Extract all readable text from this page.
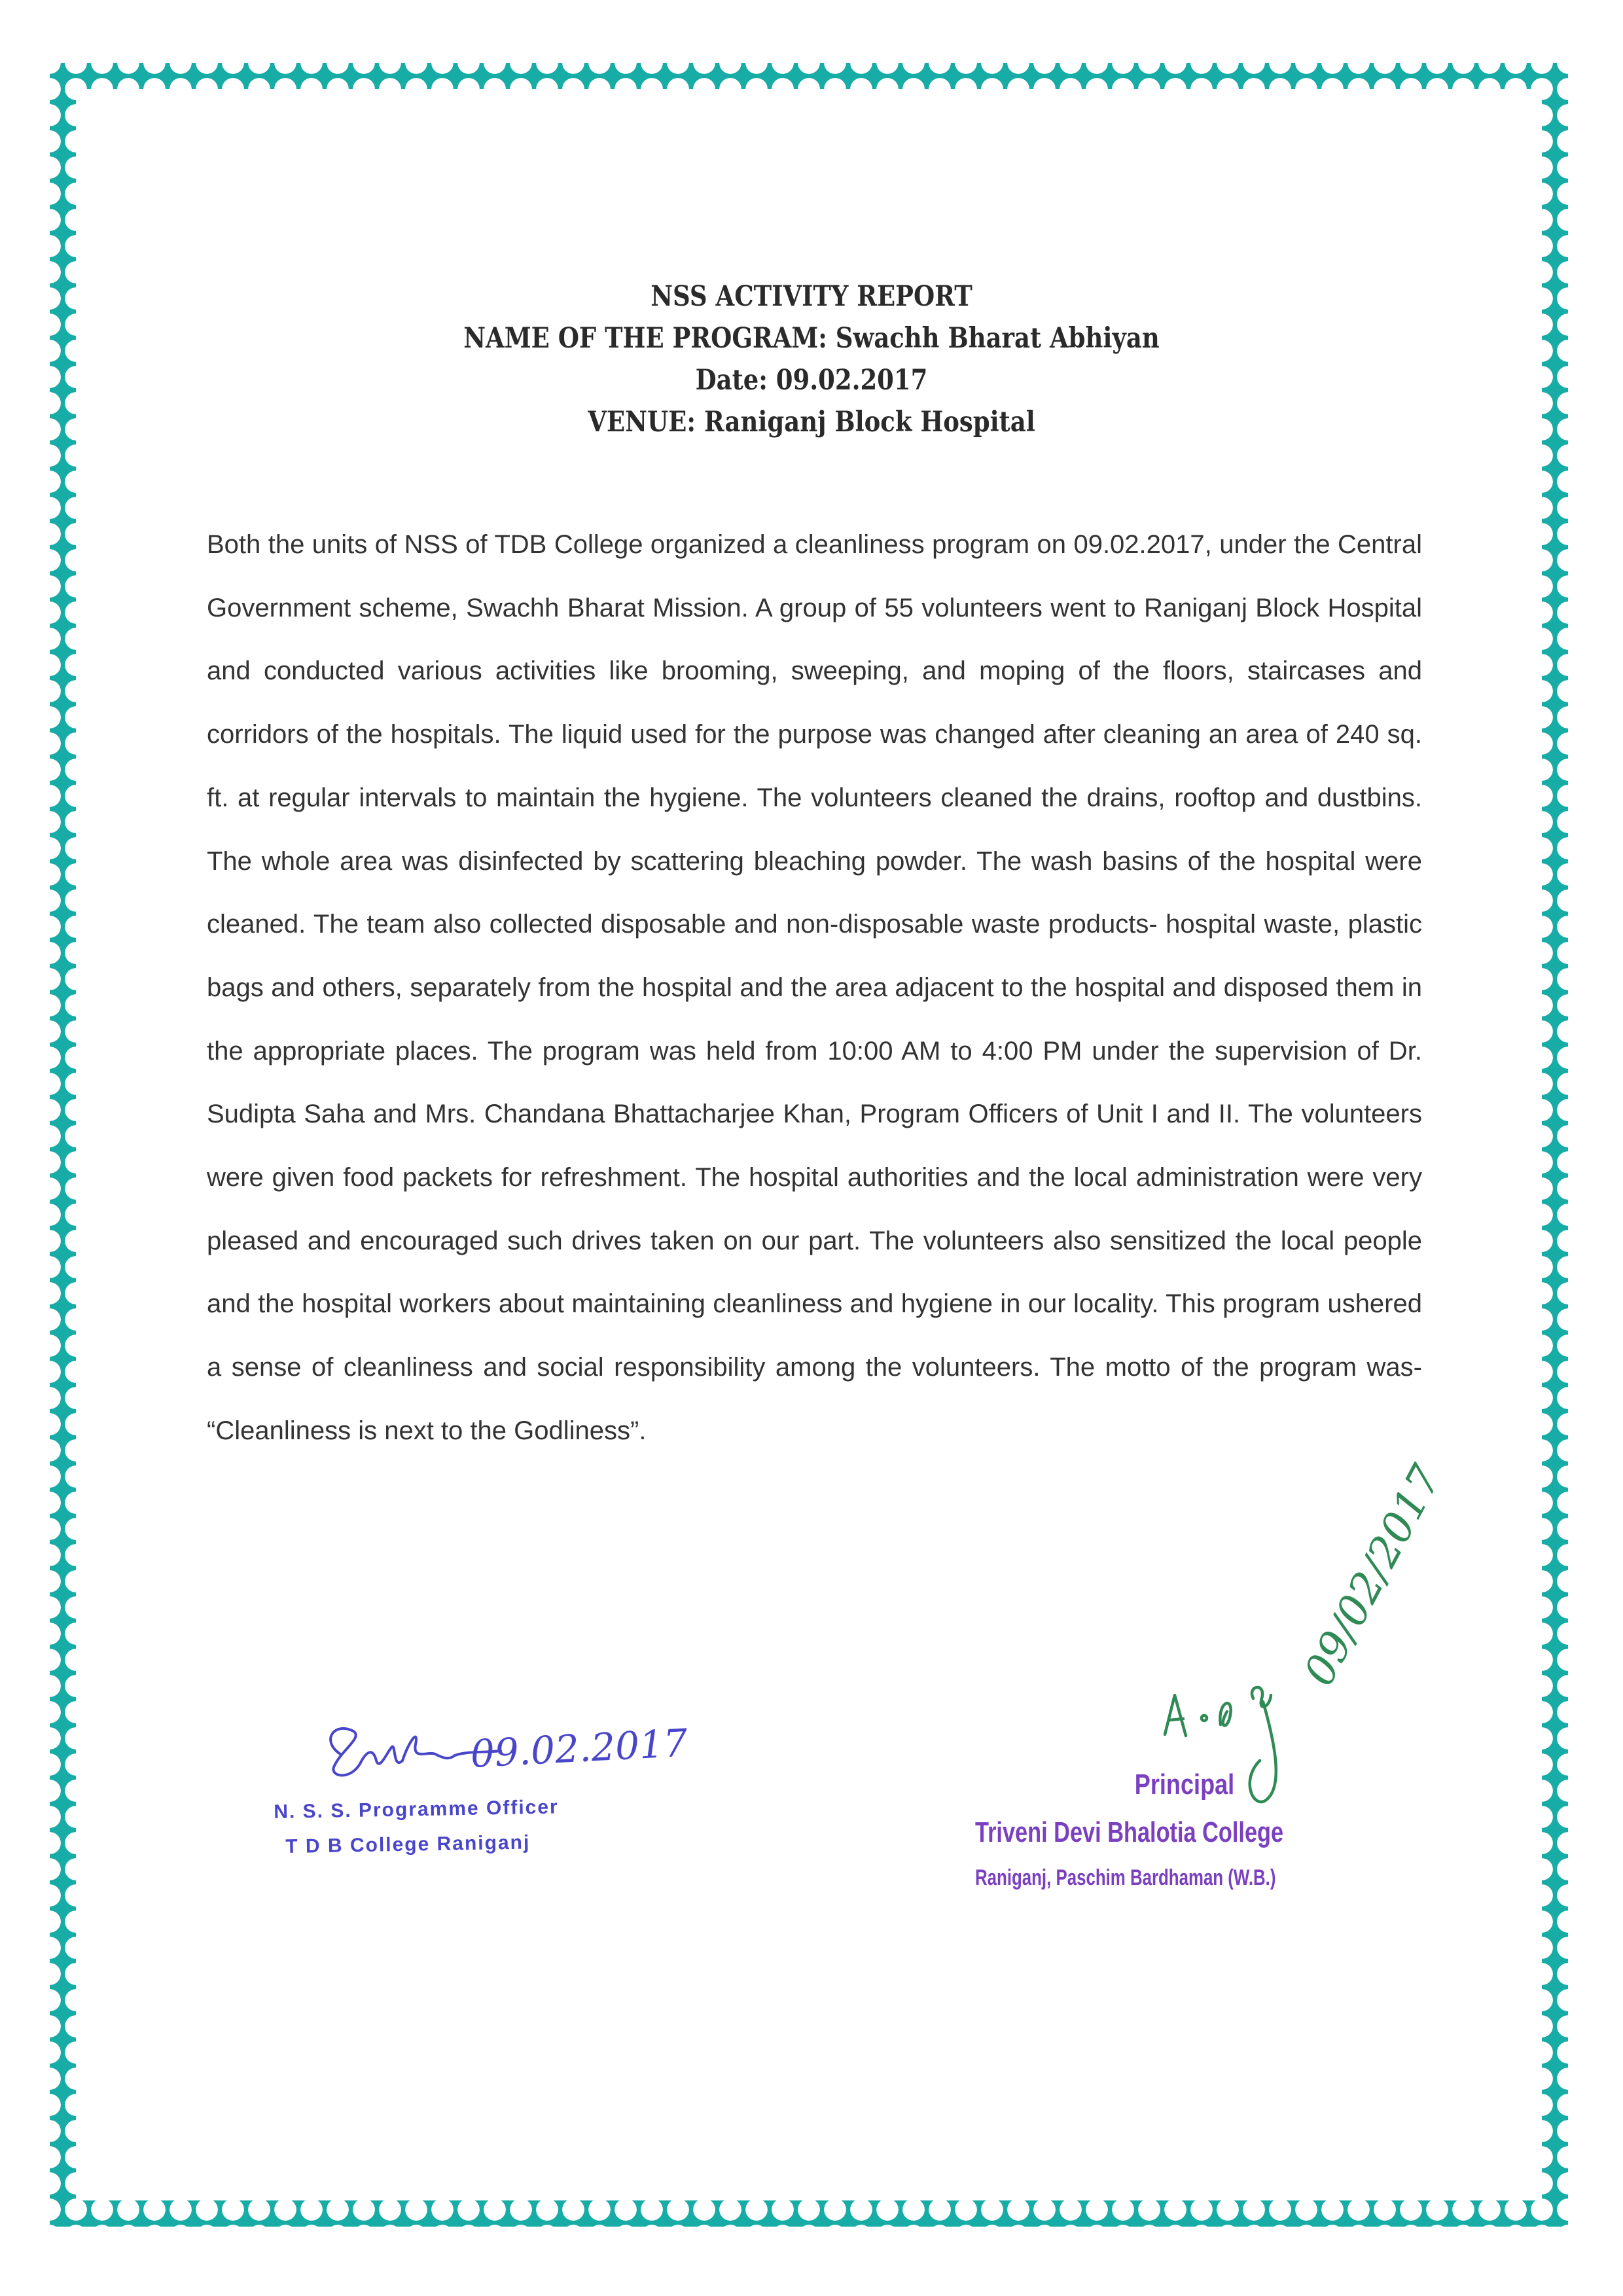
NSS ACTIVITY REPORT
NAME OF THE PROGRAM: Swachh Bharat Abhiyan
Date: 09.02.2017
VENUE: Raniganj Block Hospital

Both the units of NSS of TDB College organized a cleanliness program on 09.02.2017, under the Central Government scheme, Swachh Bharat Mission. A group of 55 volunteers went to Raniganj Block Hospital and conducted various activities like brooming, sweeping, and moping of the floors, staircases and corridors of the hospitals. The liquid used for the purpose was changed after cleaning an area of 240 sq. ft. at regular intervals to maintain the hygiene. The volunteers cleaned the drains, rooftop and dustbins. The whole area was disinfected by scattering bleaching powder. The wash basins of the hospital were cleaned. The team also collected disposable and non-disposable waste products- hospital waste, plastic bags and others, separately from the hospital and the area adjacent to the hospital and disposed them in the appropriate places. The program was held from 10:00 AM to 4:00 PM under the supervision of Dr. Sudipta Saha and Mrs. Chandana Bhattacharjee Khan, Program Officers of Unit I and II. The volunteers were given food packets for refreshment. The hospital authorities and the local administration were very pleased and encouraged such drives taken on our part. The volunteers also sensitized the local people and the hospital workers about maintaining cleanliness and hygiene in our locality. This program ushered a sense of cleanliness and social responsibility among the volunteers. The motto of the program was- “Cleanliness is next to the Godliness”.

09.02.2017
N. S. S. Programme Officer
T D B College Raniganj
09/02/2017
Principal
Triveni Devi Bhalotia College
Raniganj, Paschim Bardhaman (W.B.)
